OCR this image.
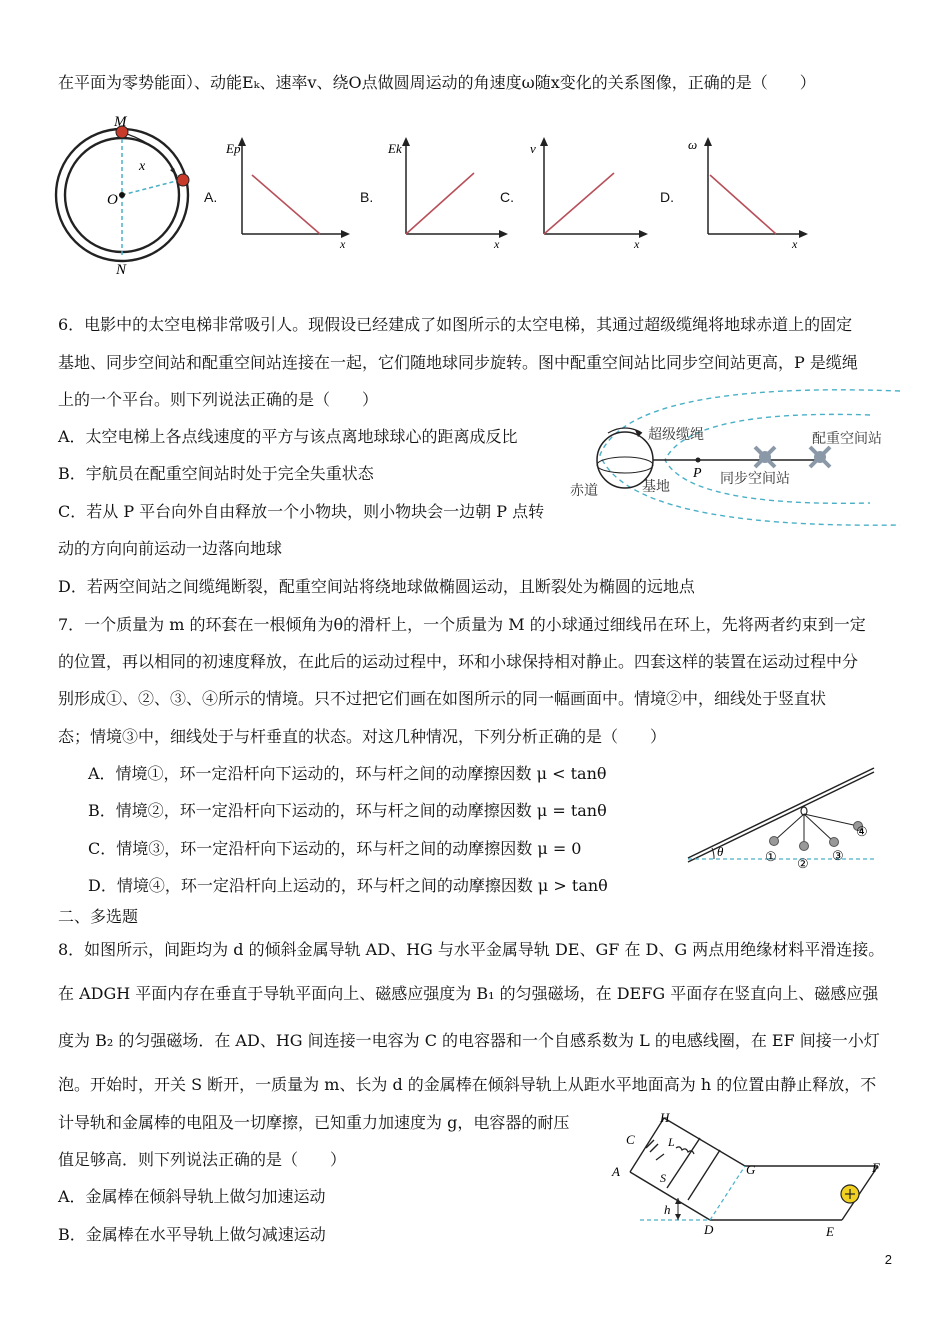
在平面为零势能面）、动能Eₖ、速率v、绕O点做圆周运动的角速度ω随x变化的关系图像，正确的是（　　）
M
x
O
N
A.
Ep
x
B.
Ek
x
C.
v
x
D.
ω
x
6．电影中的太空电梯非常吸引人。现假设已经建成了如图所示的太空电梯，其通过超级缆绳将地球赤道上的固定
基地、同步空间站和配重空间站连接在一起，它们随地球同步旋转。图中配重空间站比同步空间站更高，P 是缆绳
上的一个平台。则下列说法正确的是（　　）
A．太空电梯上各点线速度的平方与该点离地球球心的距离成反比
B．宇航员在配重空间站时处于完全失重状态
C．若从 P 平台向外自由释放一个小物块，则小物块会一边朝 P 点转
动的方向向前运动一边落向地球
D．若两空间站之间缆绳断裂，配重空间站将绕地球做椭圆运动，且断裂处为椭圆的远地点
超级缆绳	配重空间站
赤道	基地
P 同步空间站
7．一个质量为 m 的环套在一根倾角为θ的滑杆上，一个质量为 M 的小球通过细线吊在环上，先将两者约束到一定
的位置，再以相同的初速度释放，在此后的运动过程中，环和小球保持相对静止。四套这样的装置在运动过程中分
别形成①、②、③、④所示的情境。只不过把它们画在如图所示的同一幅画面中。情境②中，细线处于竖直状
态；情境③中，细线处于与杆垂直的状态。对这几种情况，下列分析正确的是（　　）
A．情境①，环一定沿杆向下运动的，环与杆之间的动摩擦因数 μ < tanθ
B．情境②，环一定沿杆向下运动的，环与杆之间的动摩擦因数 μ = tanθ
C．情境③，环一定沿杆向下运动的，环与杆之间的动摩擦因数 μ = 0
D．情境④，环一定沿杆向上运动的，环与杆之间的动摩擦因数 μ > tanθ
θ	① ②
③
④
二、多选题
8．如图所示，间距均为 d 的倾斜金属导轨 AD、HG 与水平金属导轨 DE、GF 在 D、G 两点用绝缘材料平滑连接。
在 ADGH 平面内存在垂直于导轨平面向上、磁感应强度为 B₁ 的匀强磁场，在 DEFG 平面存在竖直向上、磁感应强
度为 B₂ 的匀强磁场．在 AD、HG 间连接一电容为 C 的电容器和一个自感系数为 L 的电感线圈，在 EF 间接一小灯
泡。开始时，开关 S 断开，一质量为 m、长为 d 的金属棒在倾斜导轨上从距水平地面高为 h 的位置由静止释放，不
计导轨和金属棒的电阻及一切摩擦，已知重力加速度为 g，电容器的耐压
值足够高．则下列说法正确的是（　　）
A．金属棒在倾斜导轨上做匀加速运动
B．金属棒在水平导轨上做匀减速运动
H
C	L
A	S
G	F
h
D	E
2
